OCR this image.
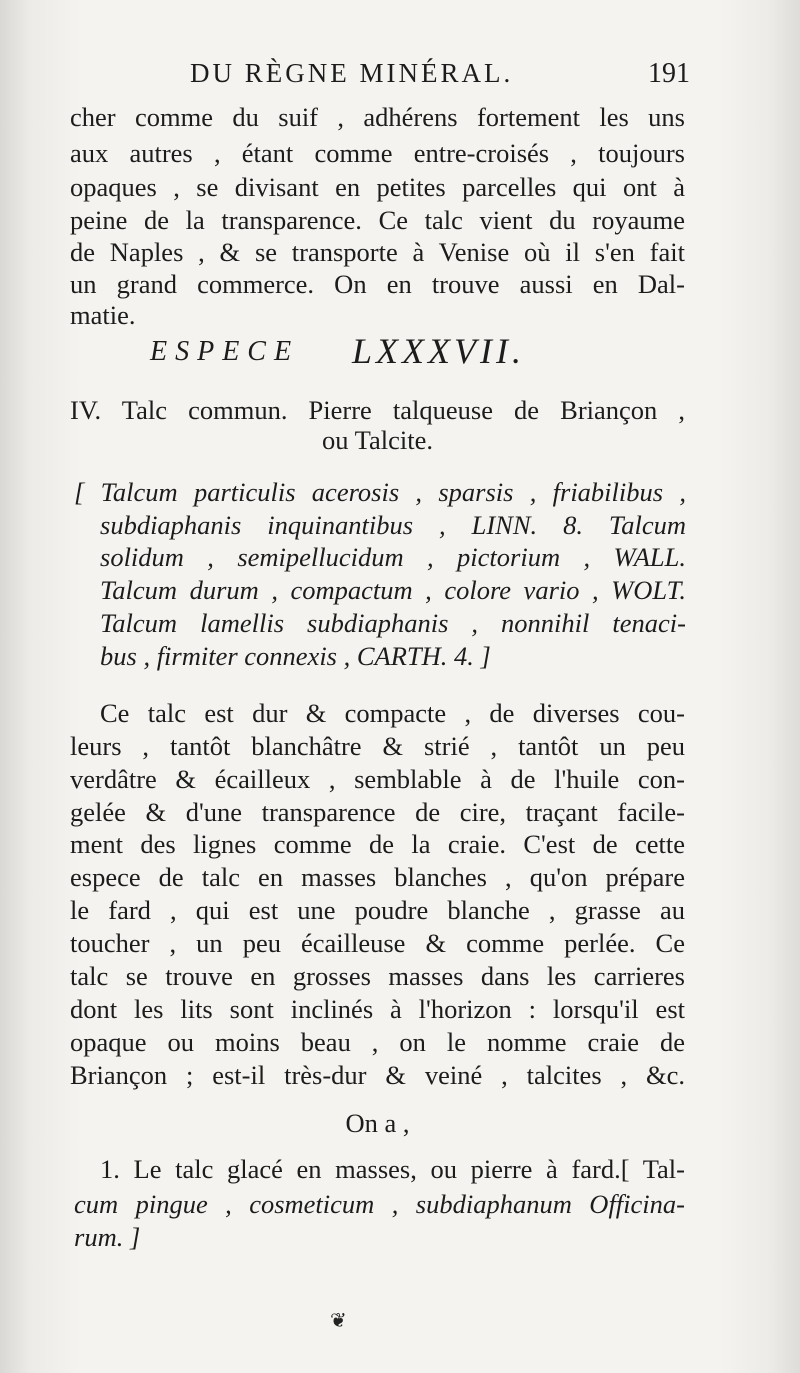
DU RÈGNE MINÉRAL.	191
cher comme du suif , adhérens fortement les uns
aux autres , étant comme entre-croisés , toujours
opaques , se divisant en petites parcelles qui ont à
peine de la transparence. Ce talc vient du royaume
de Naples , & se transporte à Venise où il s'en fait
un grand commerce. On en trouve aussi en Dal-
matie.
ESPECE LXXXVII.
IV. Talc commun. Pierre talqueuse de Briançon ,
ou Talcite.
[ Talcum particulis acerosis , sparsis , friabilibus ,
subdiaphanis inquinantibus , LINN. 8. Talcum
solidum , semipellucidum , pictorium , WALL.
Talcum durum , compactum , colore vario , WOLT.
Talcum lamellis subdiaphanis , nonnihil tenaci-
bus , firmiter connexis , CARTH. 4. ]
Ce talc est dur & compacte , de diverses cou-
leurs , tantôt blanchâtre & strié , tantôt un peu
verdâtre & écailleux , semblable à de l'huile con-
gelée & d'une transparence de cire, traçant facile-
ment des lignes comme de la craie. C'est de cette
espece de talc en masses blanches , qu'on prépare
le fard , qui est une poudre blanche , grasse au
toucher , un peu écailleuse & comme perlée. Ce
talc se trouve en grosses masses dans les carrieres
dont les lits sont inclinés à l'horizon : lorsqu'il est
opaque ou moins beau , on le nomme craie de
Briançon ; est-il très-dur & veiné , talcites , &c.
On a ,
1. Le talc glacé en masses, ou pierre à fard.[ Tal-
cum pingue , cosmeticum , subdiaphanum Officina-
rum. ]
❦
